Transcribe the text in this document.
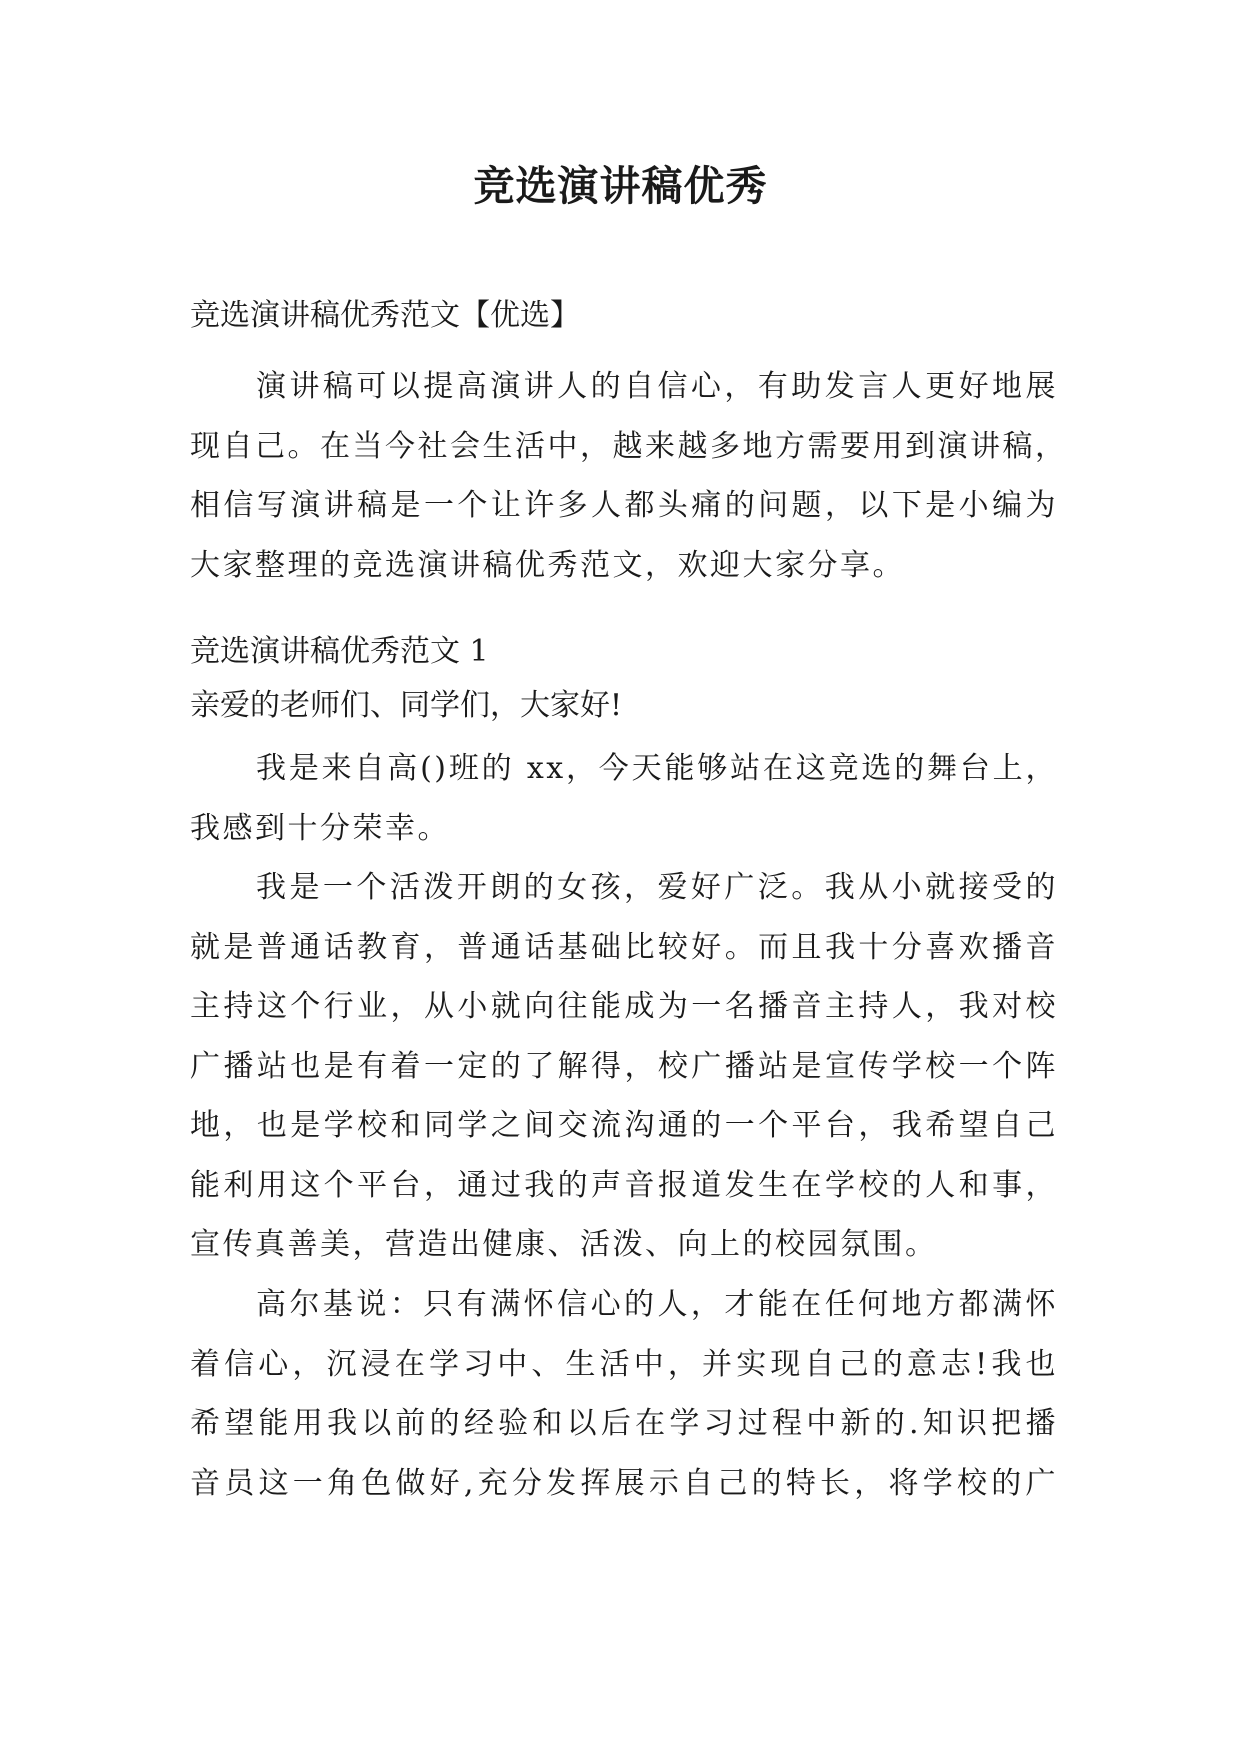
竞选演讲稿优秀

竞选演讲稿优秀范文【优选】

演讲稿可以提高演讲人的自信心，有助发言人更好地展
现自己。在当今社会生活中，越来越多地方需要用到演讲稿，
相信写演讲稿是一个让许多人都头痛的问题，以下是小编为
大家整理的竞选演讲稿优秀范文，欢迎大家分享。

竞选演讲稿优秀范文 1

亲爱的老师们、同学们，大家好!

我是来自高()班的 xx，今天能够站在这竞选的舞台上，
我感到十分荣幸。
我是一个活泼开朗的女孩，爱好广泛。我从小就接受的
就是普通话教育，普通话基础比较好。而且我十分喜欢播音
主持这个行业，从小就向往能成为一名播音主持人，我对校
广播站也是有着一定的了解得，校广播站是宣传学校一个阵
地，也是学校和同学之间交流沟通的一个平台，我希望自己
能利用这个平台，通过我的声音报道发生在学校的人和事，
宣传真善美，营造出健康、活泼、向上的校园氛围。
高尔基说：只有满怀信心的人，才能在任何地方都满怀
着信心，沉浸在学习中、生活中，并实现自己的意志!我也
希望能用我以前的经验和以后在学习过程中新的.知识把播
音员这一角色做好,充分发挥展示自己的特长，将学校的广
